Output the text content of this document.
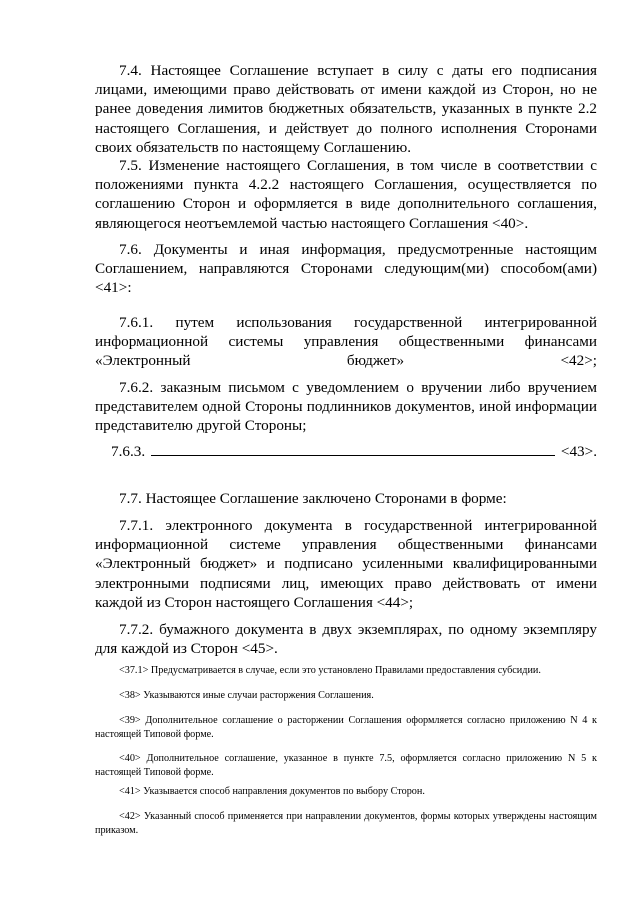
7.4. Настоящее Соглашение вступает в силу с даты его подписания лицами, имеющими право действовать от имени каждой из Сторон, но не ранее доведения лимитов бюджетных обязательств, указанных в пункте 2.2 настоящего Соглашения, и действует до полного исполнения Сторонами своих обязательств по настоящему Соглашению.

7.5. Изменение настоящего Соглашения, в том числе в соответствии с положениями пункта 4.2.2 настоящего Соглашения, осуществляется по соглашению Сторон и оформляется в виде дополнительного соглашения, являющегося неотъемлемой частью настоящего Соглашения <40>.

7.6. Документы и иная информация, предусмотренные настоящим Соглашением, направляются Сторонами следующим(ми) способом(ами) <41>:

7.6.1. путем использования государственной интегрированной информационной системы управления общественными финансами «Электронный бюджет» <42>;

7.6.2. заказным письмом с уведомлением о вручении либо вручением представителем одной Стороны подлинников документов, иной информации представителю другой Стороны;

7.6.3.	<43>.

7.7. Настоящее Соглашение заключено Сторонами в форме:

7.7.1. электронного документа в государственной интегрированной информационной системе управления общественными финансами «Электронный бюджет» и подписано усиленными квалифицированными электронными подписями лиц, имеющих право действовать от имени каждой из Сторон настоящего Соглашения <44>;

7.7.2. бумажного документа в двух экземплярах, по одному экземпляру для каждой из Сторон <45>.

<37.1> Предусматривается в случае, если это установлено Правилами предоставления субсидии.

<38> Указываются иные случаи расторжения Соглашения.

<39> Дополнительное соглашение о расторжении Соглашения оформляется согласно приложению N 4 к настоящей Типовой форме.

<40> Дополнительное соглашение, указанное в пункте 7.5, оформляется согласно приложению N 5 к настоящей Типовой форме.

<41> Указывается способ направления документов по выбору Сторон.

<42> Указанный способ применяется при направлении документов, формы которых утверждены настоящим приказом.
